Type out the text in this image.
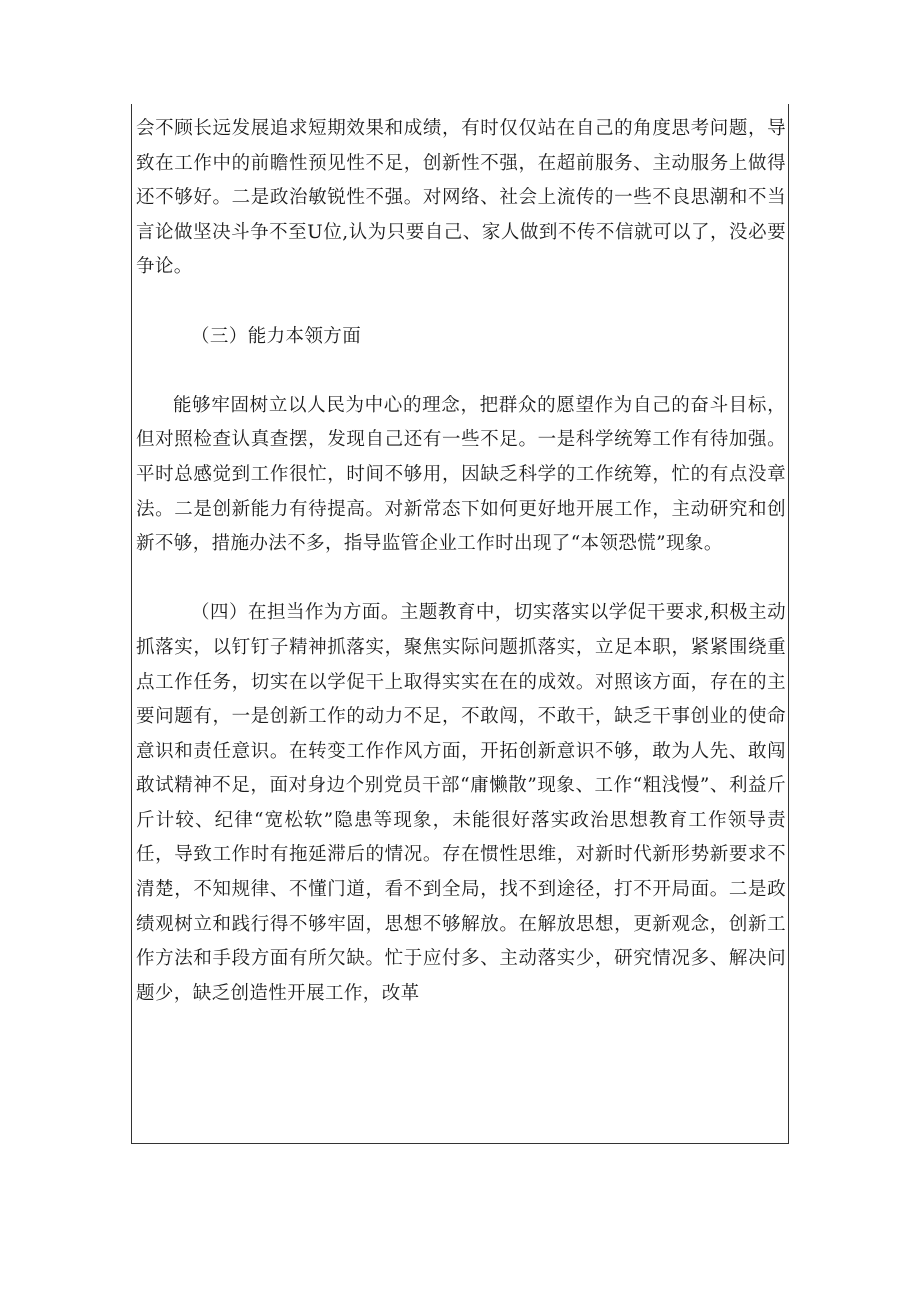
会不顾长远发展追求短期效果和成绩，有时仅仅站在自己的角度思考问题，导致在工作中的前瞻性预见性不足，创新性不强，在超前服务、主动服务上做得还不够好。二是政治敏锐性不强。对网络、社会上流传的一些不良思潮和不当言论做坚决斗争不至U位,认为只要自己、家人做到不传不信就可以了，没必要争论。

（三）能力本领方面

能够牢固树立以人民为中心的理念，把群众的愿望作为自己的奋斗目标，但对照检查认真查摆，发现自己还有一些不足。一是科学统筹工作有待加强。平时总感觉到工作很忙，时间不够用，因缺乏科学的工作统筹，忙的有点没章法。二是创新能力有待提高。对新常态下如何更好地开展工作，主动研究和创新不够，措施办法不多，指导监管企业工作时出现了“本领恐慌”现象。

（四）在担当作为方面。主题教育中，切实落实以学促干要求,积极主动抓落实，以钉钉子精神抓落实，聚焦实际问题抓落实，立足本职，紧紧围绕重点工作任务，切实在以学促干上取得实实在在的成效。对照该方面，存在的主要问题有，一是创新工作的动力不足，不敢闯，不敢干，缺乏干事创业的使命意识和责任意识。在转变工作作风方面，开拓创新意识不够，敢为人先、敢闯敢试精神不足，面对身边个别党员干部“庸懒散”现象、工作“粗浅慢”、利益斤斤计较、纪律“宽松软”隐患等现象，未能很好落实政治思想教育工作领导责任，导致工作时有拖延滞后的情况。存在惯性思维，对新时代新形势新要求不清楚，不知规律、不懂门道，看不到全局，找不到途径，打不开局面。二是政绩观树立和践行得不够牢固，思想不够解放。在解放思想，更新观念，创新工作方法和手段方面有所欠缺。忙于应付多、主动落实少，研究情况多、解决问题少，缺乏创造性开展工作，改革
